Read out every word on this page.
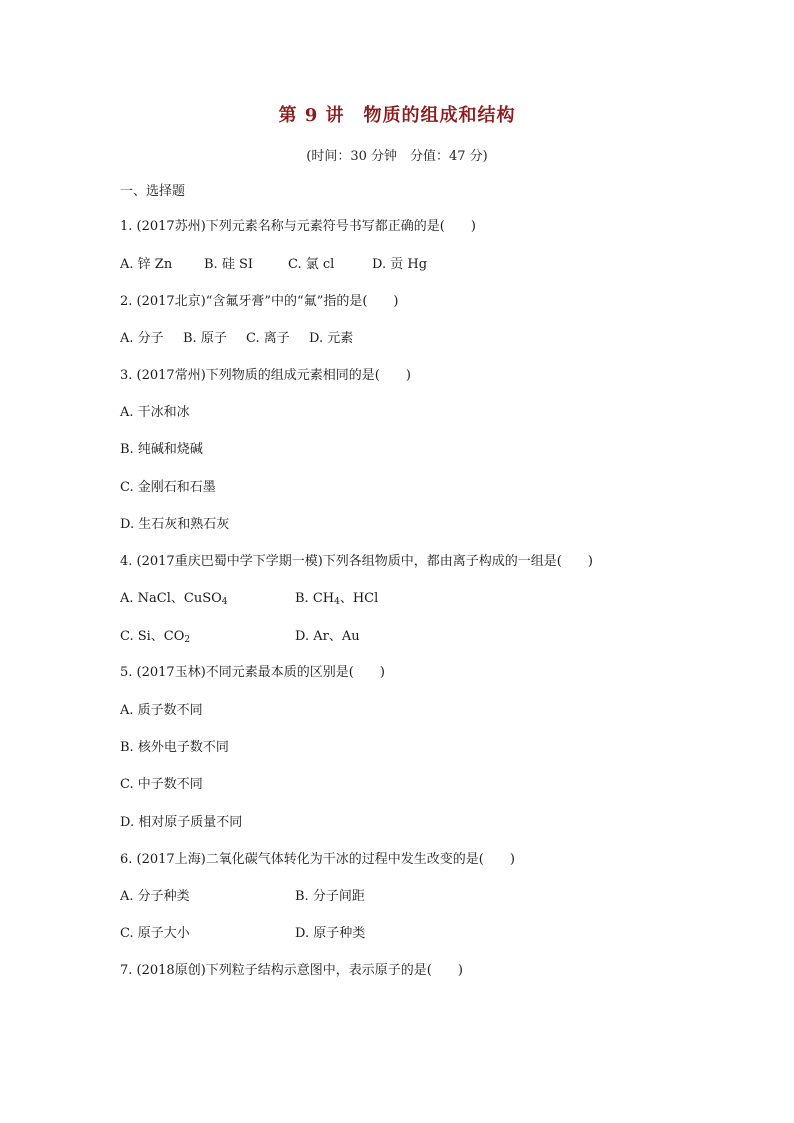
第 9 讲　物质的组成和结构
(时间：30 分钟　分值：47 分)
一、选择题
1. (2017苏州)下列元素名称与元素符号书写都正确的是(　　)
A. 锌 Zn B. 硅 SI	C. 氯 cl	D. 贡 Hg
2. (2017北京)“含氟牙膏”中的“氟”指的是(　　)
A. 分子 B. 原子 C. 离子 D. 元素
3. (2017常州)下列物质的组成元素相同的是(　　)
A. 干冰和冰
B. 纯碱和烧碱
C. 金刚石和石墨
D. 生石灰和熟石灰
4. (2017重庆巴蜀中学下学期一模)下列各组物质中，都由离子构成的一组是(　　)
A. NaCl、CuSO$_4$	B. $CH_4$、HCl
C. Si、$CO_2$	D. Ar、Au
5. (2017玉林)不同元素最本质的区别是(　　)
A. 质子数不同
B. 核外电子数不同
C. 中子数不同
D. 相对原子质量不同
6. (2017上海)二氧化碳气体转化为干冰的过程中发生改变的是(　　)
A. 分子种类	B. 分子间距
C. 原子大小	D. 原子种类
7. (2018原创)下列粒子结构示意图中，表示原子的是(　　)
